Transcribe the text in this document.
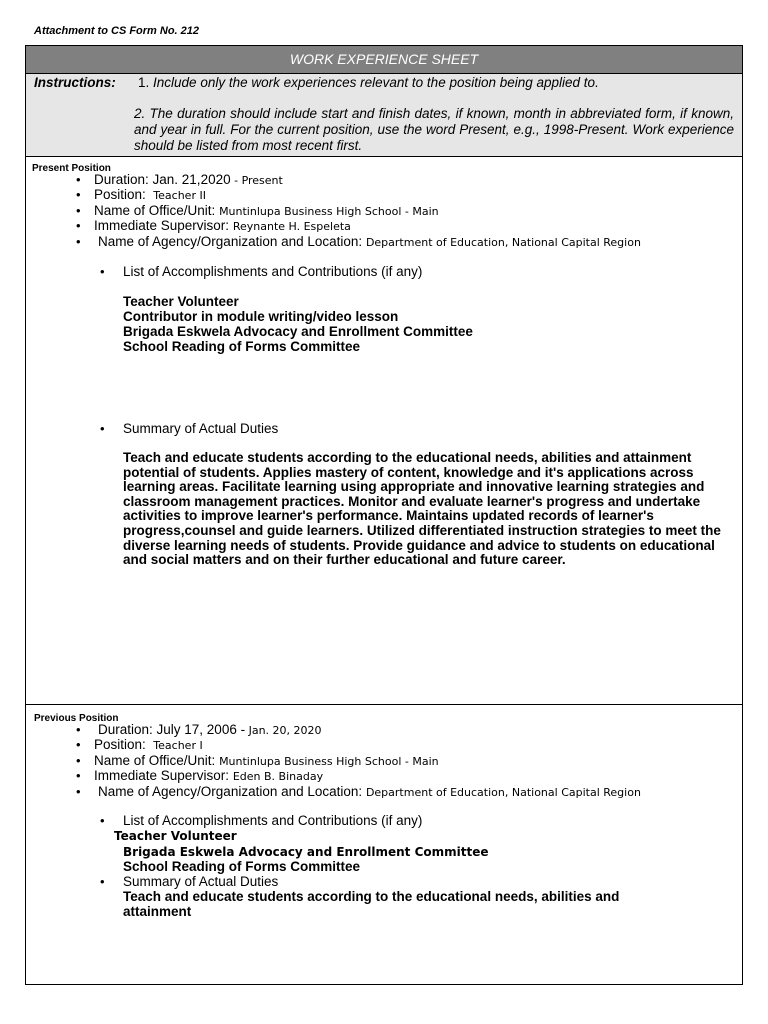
Attachment to CS Form No. 212
WORK EXPERIENCE SHEET
Instructions: 1. Include only the work experiences relevant to the position being applied to.
2. The duration should include start and finish dates, if known, month in abbreviated form, if known, and year in full. For the current position, use the word Present, e.g., 1998-Present. Work experience should be listed from most recent first.
Present Position
• Duration: Jan. 21,2020 - Present
• Position: Teacher II
• Name of Office/Unit: Muntinlupa Business High School - Main
• Immediate Supervisor: Reynante H. Espeleta
• Name of Agency/Organization and Location: Department of Education, National Capital Region
• List of Accomplishments and Contributions (if any)
Teacher Volunteer
Contributor in module writing/video lesson
Brigada Eskwela Advocacy and Enrollment Committee
School Reading of Forms Committee
• Summary of Actual Duties
Teach and educate students according to the educational needs, abilities and attainment potential of students. Applies mastery of content, knowledge and it's applications across learning areas. Facilitate learning using appropriate and innovative learning strategies and classroom management practices. Monitor and evaluate learner's progress and undertake activities to improve learner's performance. Maintains updated records of learner's progress,counsel and guide learners. Utilized differentiated instruction strategies to meet the diverse learning needs of students. Provide guidance and advice to students on educational and social matters and on their further educational and future career.
Previous Position
• Duration: July 17, 2006 - Jan. 20, 2020
• Position: Teacher I
• Name of Office/Unit: Muntinlupa Business High School - Main
• Immediate Supervisor: Eden B. Binaday
• Name of Agency/Organization and Location: Department of Education, National Capital Region
• List of Accomplishments and Contributions (if any)
Teacher Volunteer
Brigada Eskwela Advocacy and Enrollment Committee
School Reading of Forms Committee
• Summary of Actual Duties
Teach and educate students according to the educational needs, abilities and attainment
